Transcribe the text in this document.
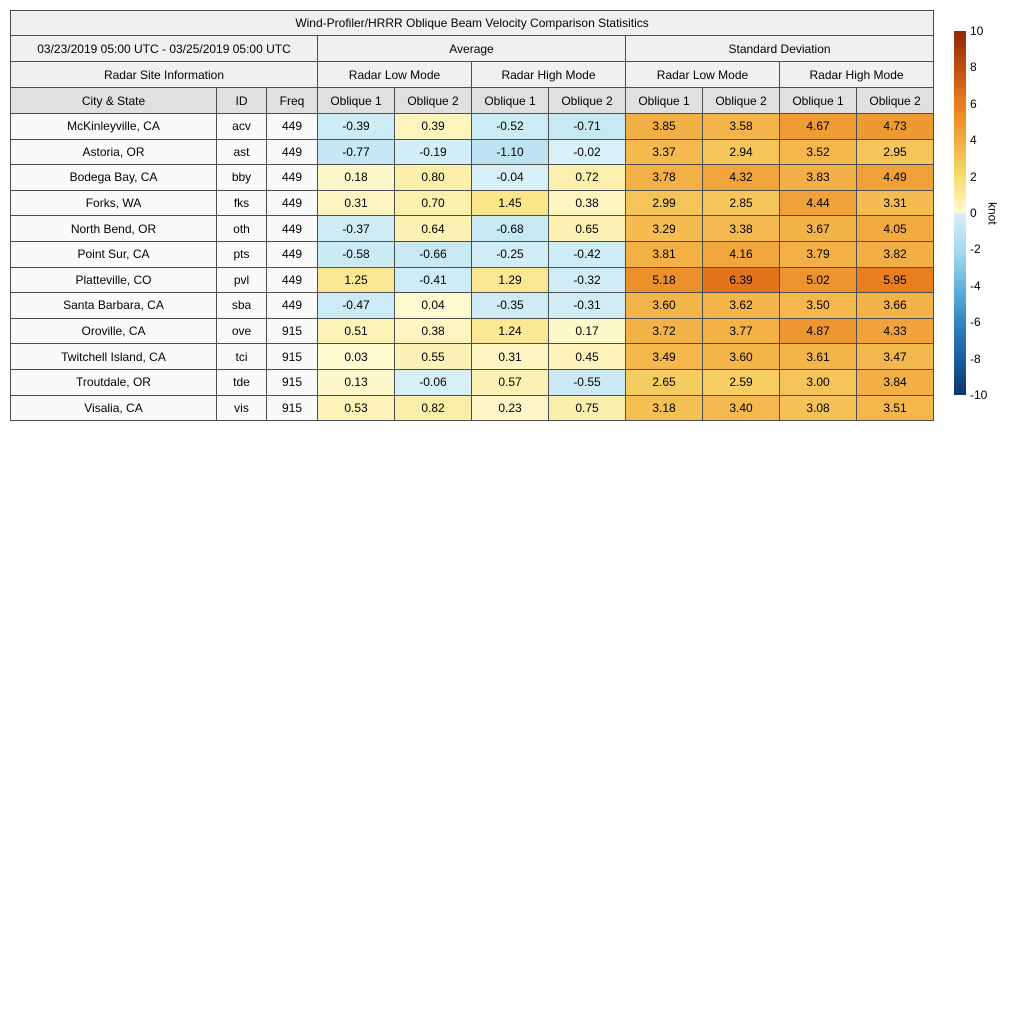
Wind-Profiler/HRRR Oblique Beam Velocity Comparison Statisitics										
03/23/2019 05:00 UTC - 03/25/2019 05:00 UTC			Average				Standard Deviation			
Radar Site Information			Radar Low Mode		Radar High Mode		Radar Low Mode		Radar High Mode	
City & State	ID	Freq	Oblique 1	Oblique 2	Oblique 1	Oblique 2	Oblique 1	Oblique 2	Oblique 1	Oblique 2
McKinleyville, CA	acv	449	-0.39	0.39	-0.52	-0.71	3.85	3.58	4.67	4.73
Astoria, OR	ast	449	-0.77	-0.19	-1.10	-0.02	3.37	2.94	3.52	2.95
Bodega Bay, CA	bby	449	0.18	0.80	-0.04	0.72	3.78	4.32	3.83	4.49
Forks, WA	fks	449	0.31	0.70	1.45	0.38	2.99	2.85	4.44	3.31
North Bend, OR	oth	449	-0.37	0.64	-0.68	0.65	3.29	3.38	3.67	4.05
Point Sur, CA	pts	449	-0.58	-0.66	-0.25	-0.42	3.81	4.16	3.79	3.82
Platteville, CO	pvl	449	1.25	-0.41	1.29	-0.32	5.18	6.39	5.02	5.95
Santa Barbara, CA	sba	449	-0.47	0.04	-0.35	-0.31	3.60	3.62	3.50	3.66
Oroville, CA	ove	915	0.51	0.38	1.24	0.17	3.72	3.77	4.87	4.33
Twitchell Island, CA	tci	915	0.03	0.55	0.31	0.45	3.49	3.60	3.61	3.47
Troutdale, OR	tde	915	0.13	-0.06	0.57	-0.55	2.65	2.59	3.00	3.84
Visalia, CA	vis	915	0.53	0.82	0.23	0.75	3.18	3.40	3.08	3.51
10
8
6
4
2
0
-2
-4
-6
-8
-10
knot
